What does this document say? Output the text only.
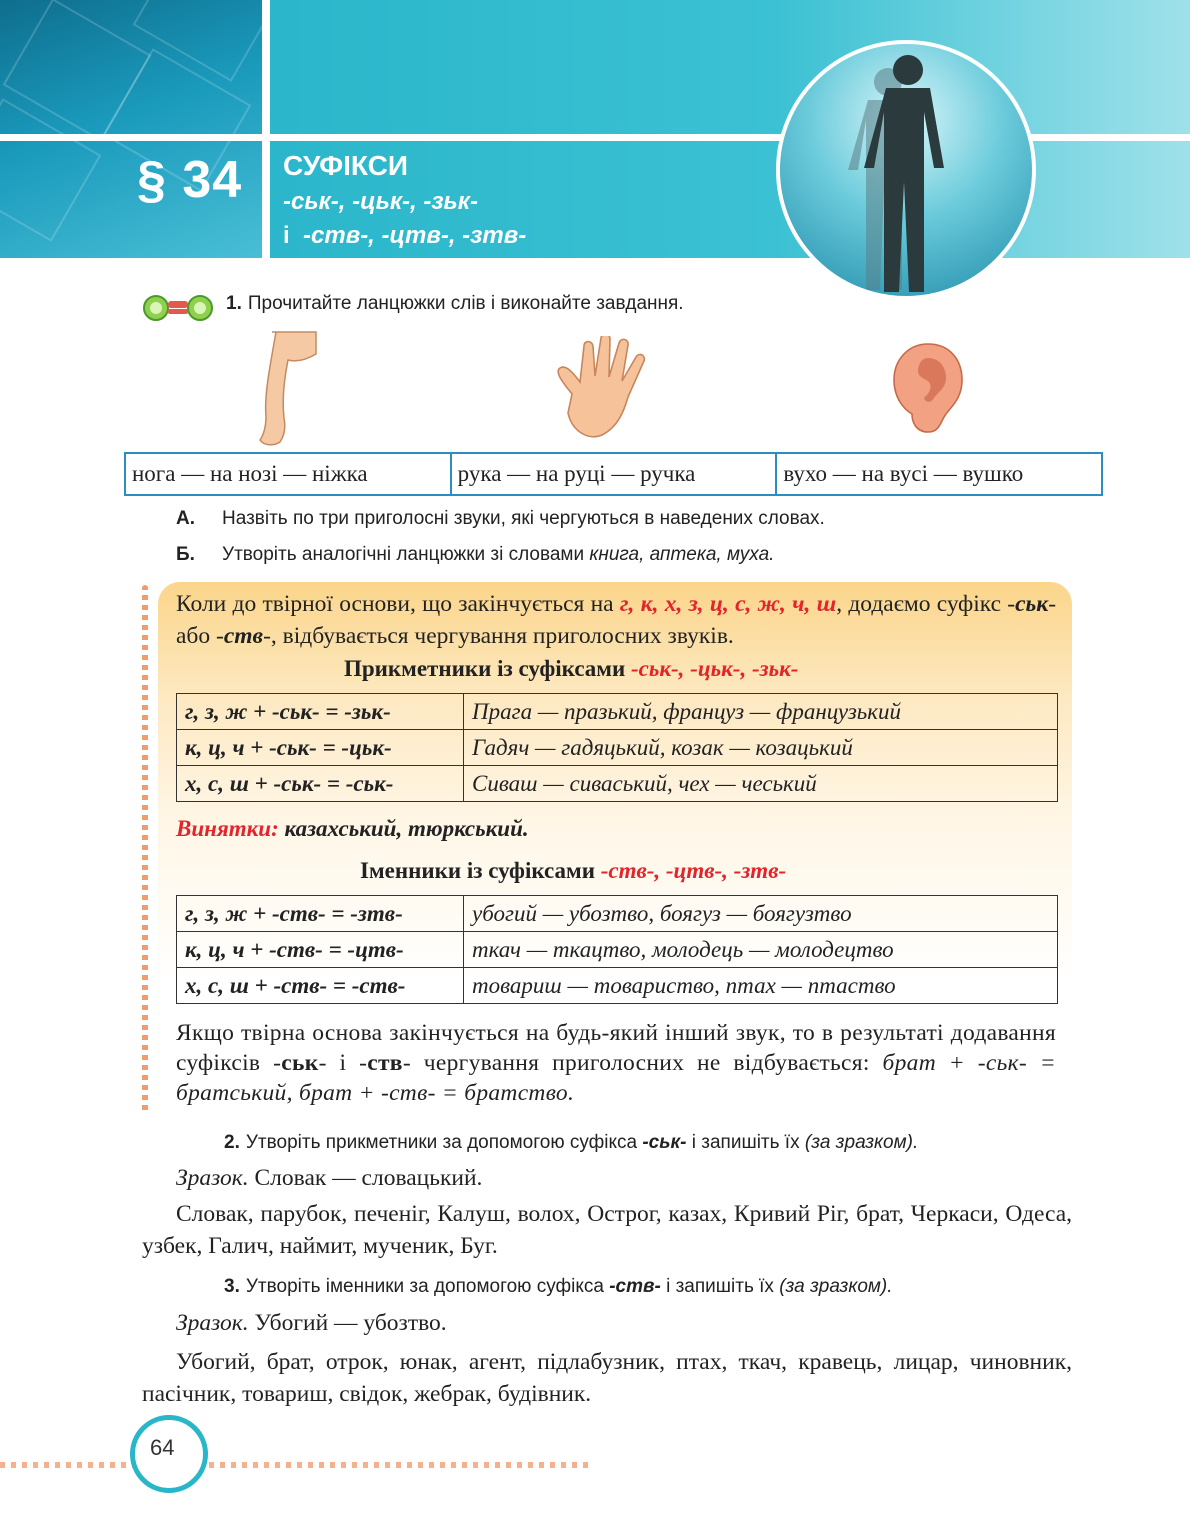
§ 34 СУФІКСИ
-ськ-, -цьк-, -зьк-
і -ств-, -цтв-, -зтв-
1. Прочитайте ланцюжки слів і виконайте завдання.
нога — на нозі — ніжка	рука — на руці — ручка	вухо — на вусі — вушко
А. Назвіть по три приголосні звуки, які чергуються в наведених словах.
Б. Утворіть аналогічні ланцюжки зі словами книга, аптека, муха.
Коли до твірної основи, що закінчується на г, к, х, з, ц, с, ж, ч, ш, додаємо суфікс -ськ- або -ств-, відбувається чергування приголосних звуків.
Прикметники із суфіксами -ськ-, -цьк-, -зьк-
г, з, ж + -ськ- = -зьк-	Прага — празький, француз — французький
к, ц, ч + -ськ- = -цьк-	Гадяч — гадяцький, козак — козацький
х, с, ш + -ськ- = -ськ-	Сиваш — сиваський, чех — чеський
Винятки: казахський, тюркський.
Іменники із суфіксами -ств-, -цтв-, -зтв-
г, з, ж + -ств- = -зтв-	убогий — убозтво, боягуз — боягузтво
к, ц, ч + -ств- = -цтв-	ткач — ткацтво, молодець — молодецтво
х, с, ш + -ств- = -ств-	товариш — товариство, птах — птаство
Якщо твірна основа закінчується на будь-який інший звук, то в результаті додавання суфіксів -ськ- і -ств- чергування приголосних не відбувається: брат + -ськ- = братський, брат + -ств- = братство.
2. Утворіть прикметники за допомогою суфікса -ськ- і запишіть їх (за зразком).
Зразок. Словак — словацький.
Словак, парубок, печеніг, Калуш, волох, Острог, казах, Кривий Ріг, брат, Черкаси, Одеса, узбек, Галич, наймит, мученик, Буг.
3. Утворіть іменники за допомогою суфікса -ств- і запишіть їх (за зразком).
Зразок. Убогий — убозтво.
Убогий, брат, отрок, юнак, агент, підлабузник, птах, ткач, кравець, лицар, чиновник, пасічник, товариш, свідок, жебрак, будівник.
64
